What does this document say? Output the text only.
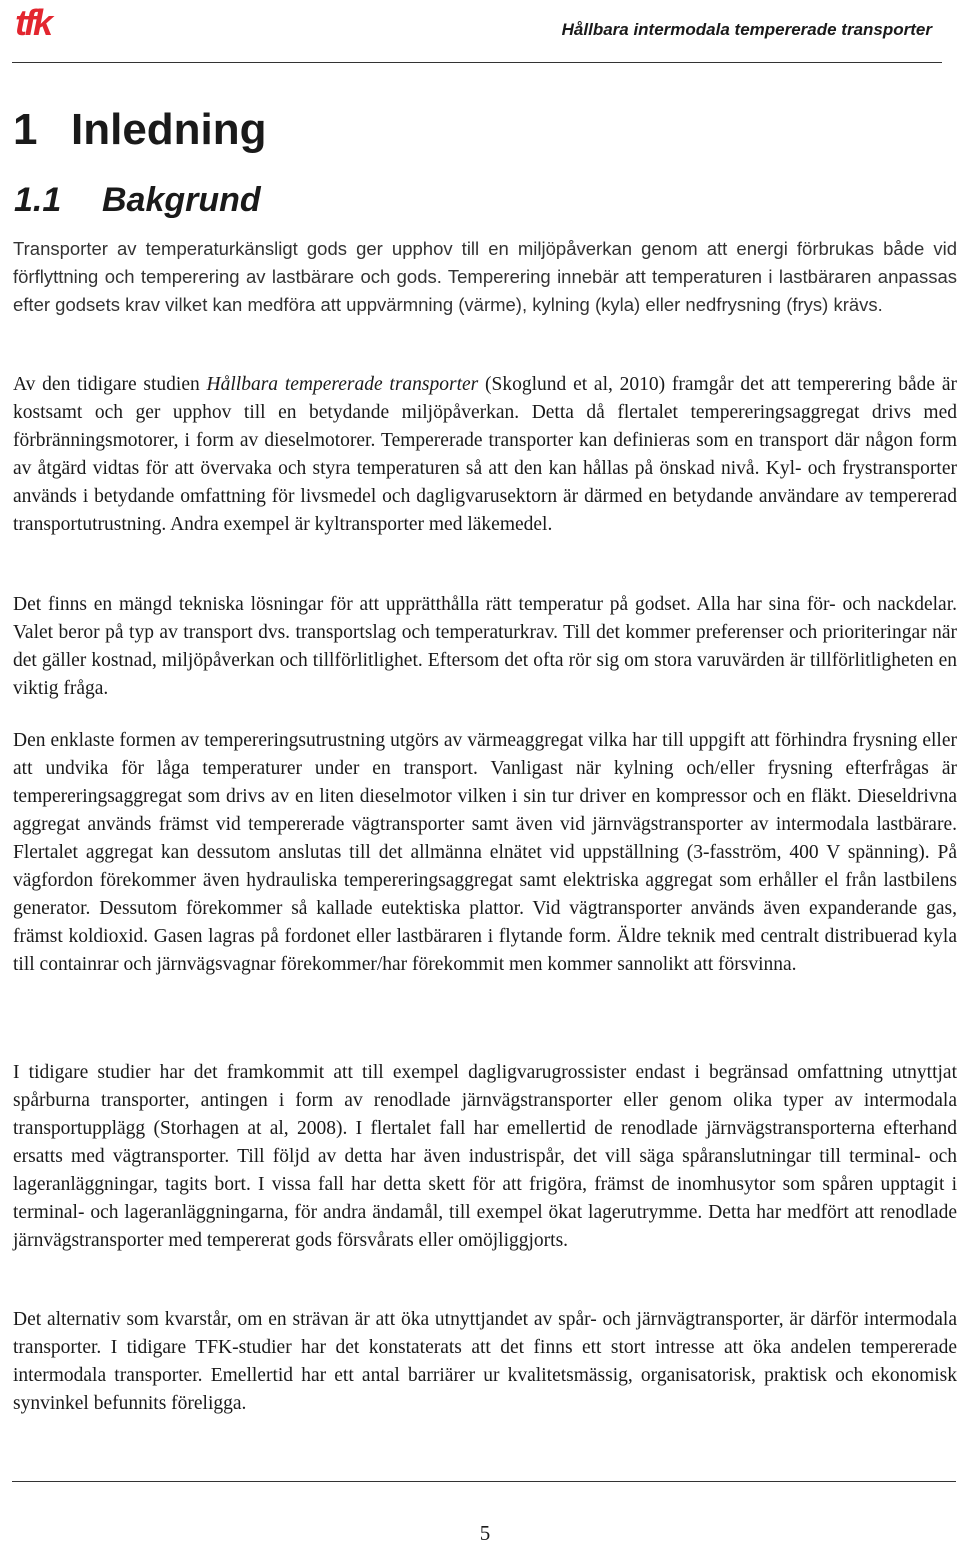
tfk	Hållbara intermodala tempererade transporter
1 Inledning
1.1 Bakgrund

Transporter av temperaturkänsligt gods ger upphov till en miljöpåverkan genom att energi förbrukas både vid förflyttning och temperering av lastbärare och gods. Temperering innebär att temperaturen i lastbäraren anpassas efter godsets krav vilket kan medföra att uppvärmning (värme), kylning (kyla) eller nedfrysning (frys) krävs.

Av den tidigare studien Hållbara tempererade transporter (Skoglund et al, 2010) framgår det att temperering både är kostsamt och ger upphov till en betydande miljöpåverkan. Detta då flertalet tempereringsaggregat drivs med förbränningsmotorer, i form av dieselmotorer. Tempererade transporter kan definieras som en transport där någon form av åtgärd vidtas för att övervaka och styra temperaturen så att den kan hållas på önskad nivå. Kyl- och frystransporter används i betydande omfattning för livsmedel och dagligvarusektorn är därmed en betydande användare av tempererad transportutrustning. Andra exempel är kyltransporter med läkemedel.

Det finns en mängd tekniska lösningar för att upprätthålla rätt temperatur på godset. Alla har sina för- och nackdelar. Valet beror på typ av transport dvs. transportslag och temperaturkrav. Till det kommer preferenser och prioriteringar när det gäller kostnad, miljöpåverkan och tillförlitlighet. Eftersom det ofta rör sig om stora varuvärden är tillförlitligheten en viktig fråga.

Den enklaste formen av tempereringsutrustning utgörs av värmeaggregat vilka har till uppgift att förhindra frysning eller att undvika för låga temperaturer under en transport. Vanligast när kylning och/eller frysning efterfrågas är tempereringsaggregat som drivs av en liten dieselmotor vilken i sin tur driver en kompressor och en fläkt. Dieseldrivna aggregat används främst vid tempererade vägtransporter samt även vid järnvägstransporter av intermodala lastbärare. Flertalet aggregat kan dessutom anslutas till det allmänna elnätet vid uppställning (3-fasström, 400 V spänning). På vägfordon förekommer även hydrauliska tempereringsaggregat samt elektriska aggregat som erhåller el från lastbilens generator. Dessutom förekommer så kallade eutektiska plattor. Vid vägtransporter används även expanderande gas, främst koldioxid. Gasen lagras på fordonet eller lastbäraren i flytande form. Äldre teknik med centralt distribuerad kyla till containrar och järnvägsvagnar förekommer/har förekommit men kommer sannolikt att försvinna.

I tidigare studier har det framkommit att till exempel dagligvarugrossister endast i begränsad omfattning utnyttjat spårburna transporter, antingen i form av renodlade järnvägstransporter eller genom olika typer av intermodala transportupplägg (Storhagen at al, 2008). I flertalet fall har emellertid de renodlade järnvägstransporterna efterhand ersatts med vägtransporter. Till följd av detta har även industrispår, det vill säga spåranslutningar till terminal- och lageranläggningar, tagits bort. I vissa fall har detta skett för att frigöra, främst de inomhusytor som spåren upptagit i terminal- och lageranläggningarna, för andra ändamål, till exempel ökat lagerutrymme. Detta har medfört att renodlade järnvägstransporter med tempererat gods försvårats eller omöjliggjorts.

Det alternativ som kvarstår, om en strävan är att öka utnyttjandet av spår- och järnvägtransporter, är därför intermodala transporter. I tidigare TFK-studier har det konstaterats att det finns ett stort intresse att öka andelen tempererade intermodala transporter. Emellertid har ett antal barriärer ur kvalitetsmässig, organisatorisk, praktisk och ekonomisk synvinkel befunnits föreligga.

5
